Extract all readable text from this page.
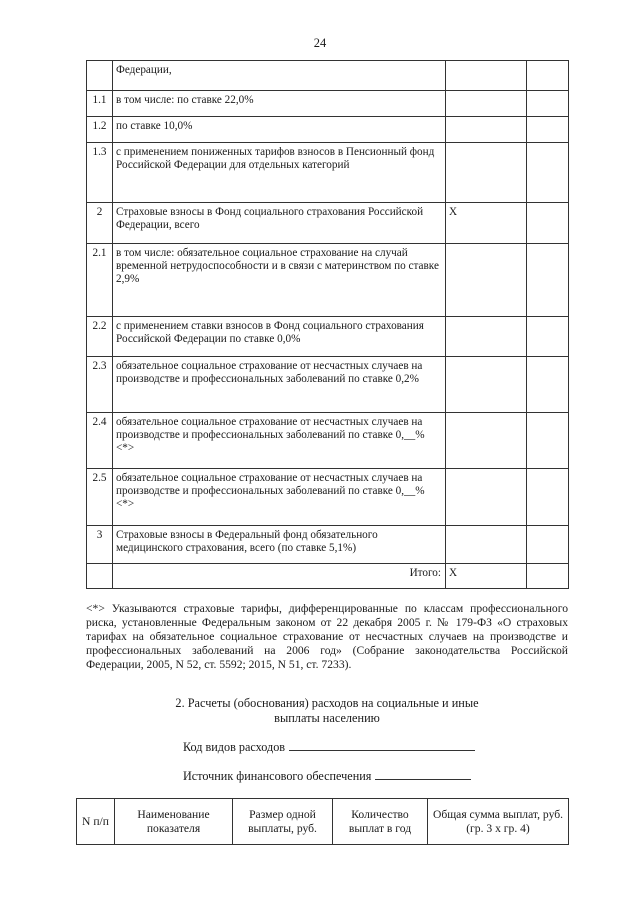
24
	Федерации,		
1.1	в том числе: по ставке 22,0%		
1.2	по ставке 10,0%		
1.3	с применением пониженных тарифов взносов в Пенсионный фонд Российской Федерации для отдельных категорий		
2	Страховые взносы в Фонд социального страхования Российской Федерации, всего	X	
2.1	в том числе: обязательное социальное страхование на случай временной нетрудоспособности и в связи с материнством по ставке 2,9%		
2.2	с применением ставки взносов в Фонд социального страхования Российской Федерации по ставке 0,0%		
2.3	обязательное социальное страхование от несчастных случаев на производстве и профессиональных заболеваний по ставке 0,2%		
2.4	обязательное социальное страхование от несчастных случаев на производстве и профессиональных заболеваний по ставке 0,__% <*>		
2.5	обязательное социальное страхование от несчастных случаев на производстве и профессиональных заболеваний по ставке 0,__% <*>		
3	Страховые взносы в Федеральный фонд обязательного медицинского страхования, всего (по ставке 5,1%)		
	Итого:	X	

<*> Указываются страховые тарифы, дифференцированные по классам профессионального риска, установленные Федеральным законом от 22 декабря 2005 г. № 179-ФЗ «О страховых тарифах на обязательное социальное страхование от несчастных случаев на производстве и профессиональных заболеваний на 2006 год» (Собрание законодательства Российской Федерации, 2005, N 52, ст. 5592; 2015, N 51, ст. 7233).

2. Расчеты (обоснования) расходов на социальные и иные
выплаты населению
Код видов расходов
Источник финансового обеспечения
N п/п	Наименование показателя	Размер одной выплаты, руб.	Количество выплат в год	Общая сумма выплат, руб. (гр. 3 x гр. 4)
